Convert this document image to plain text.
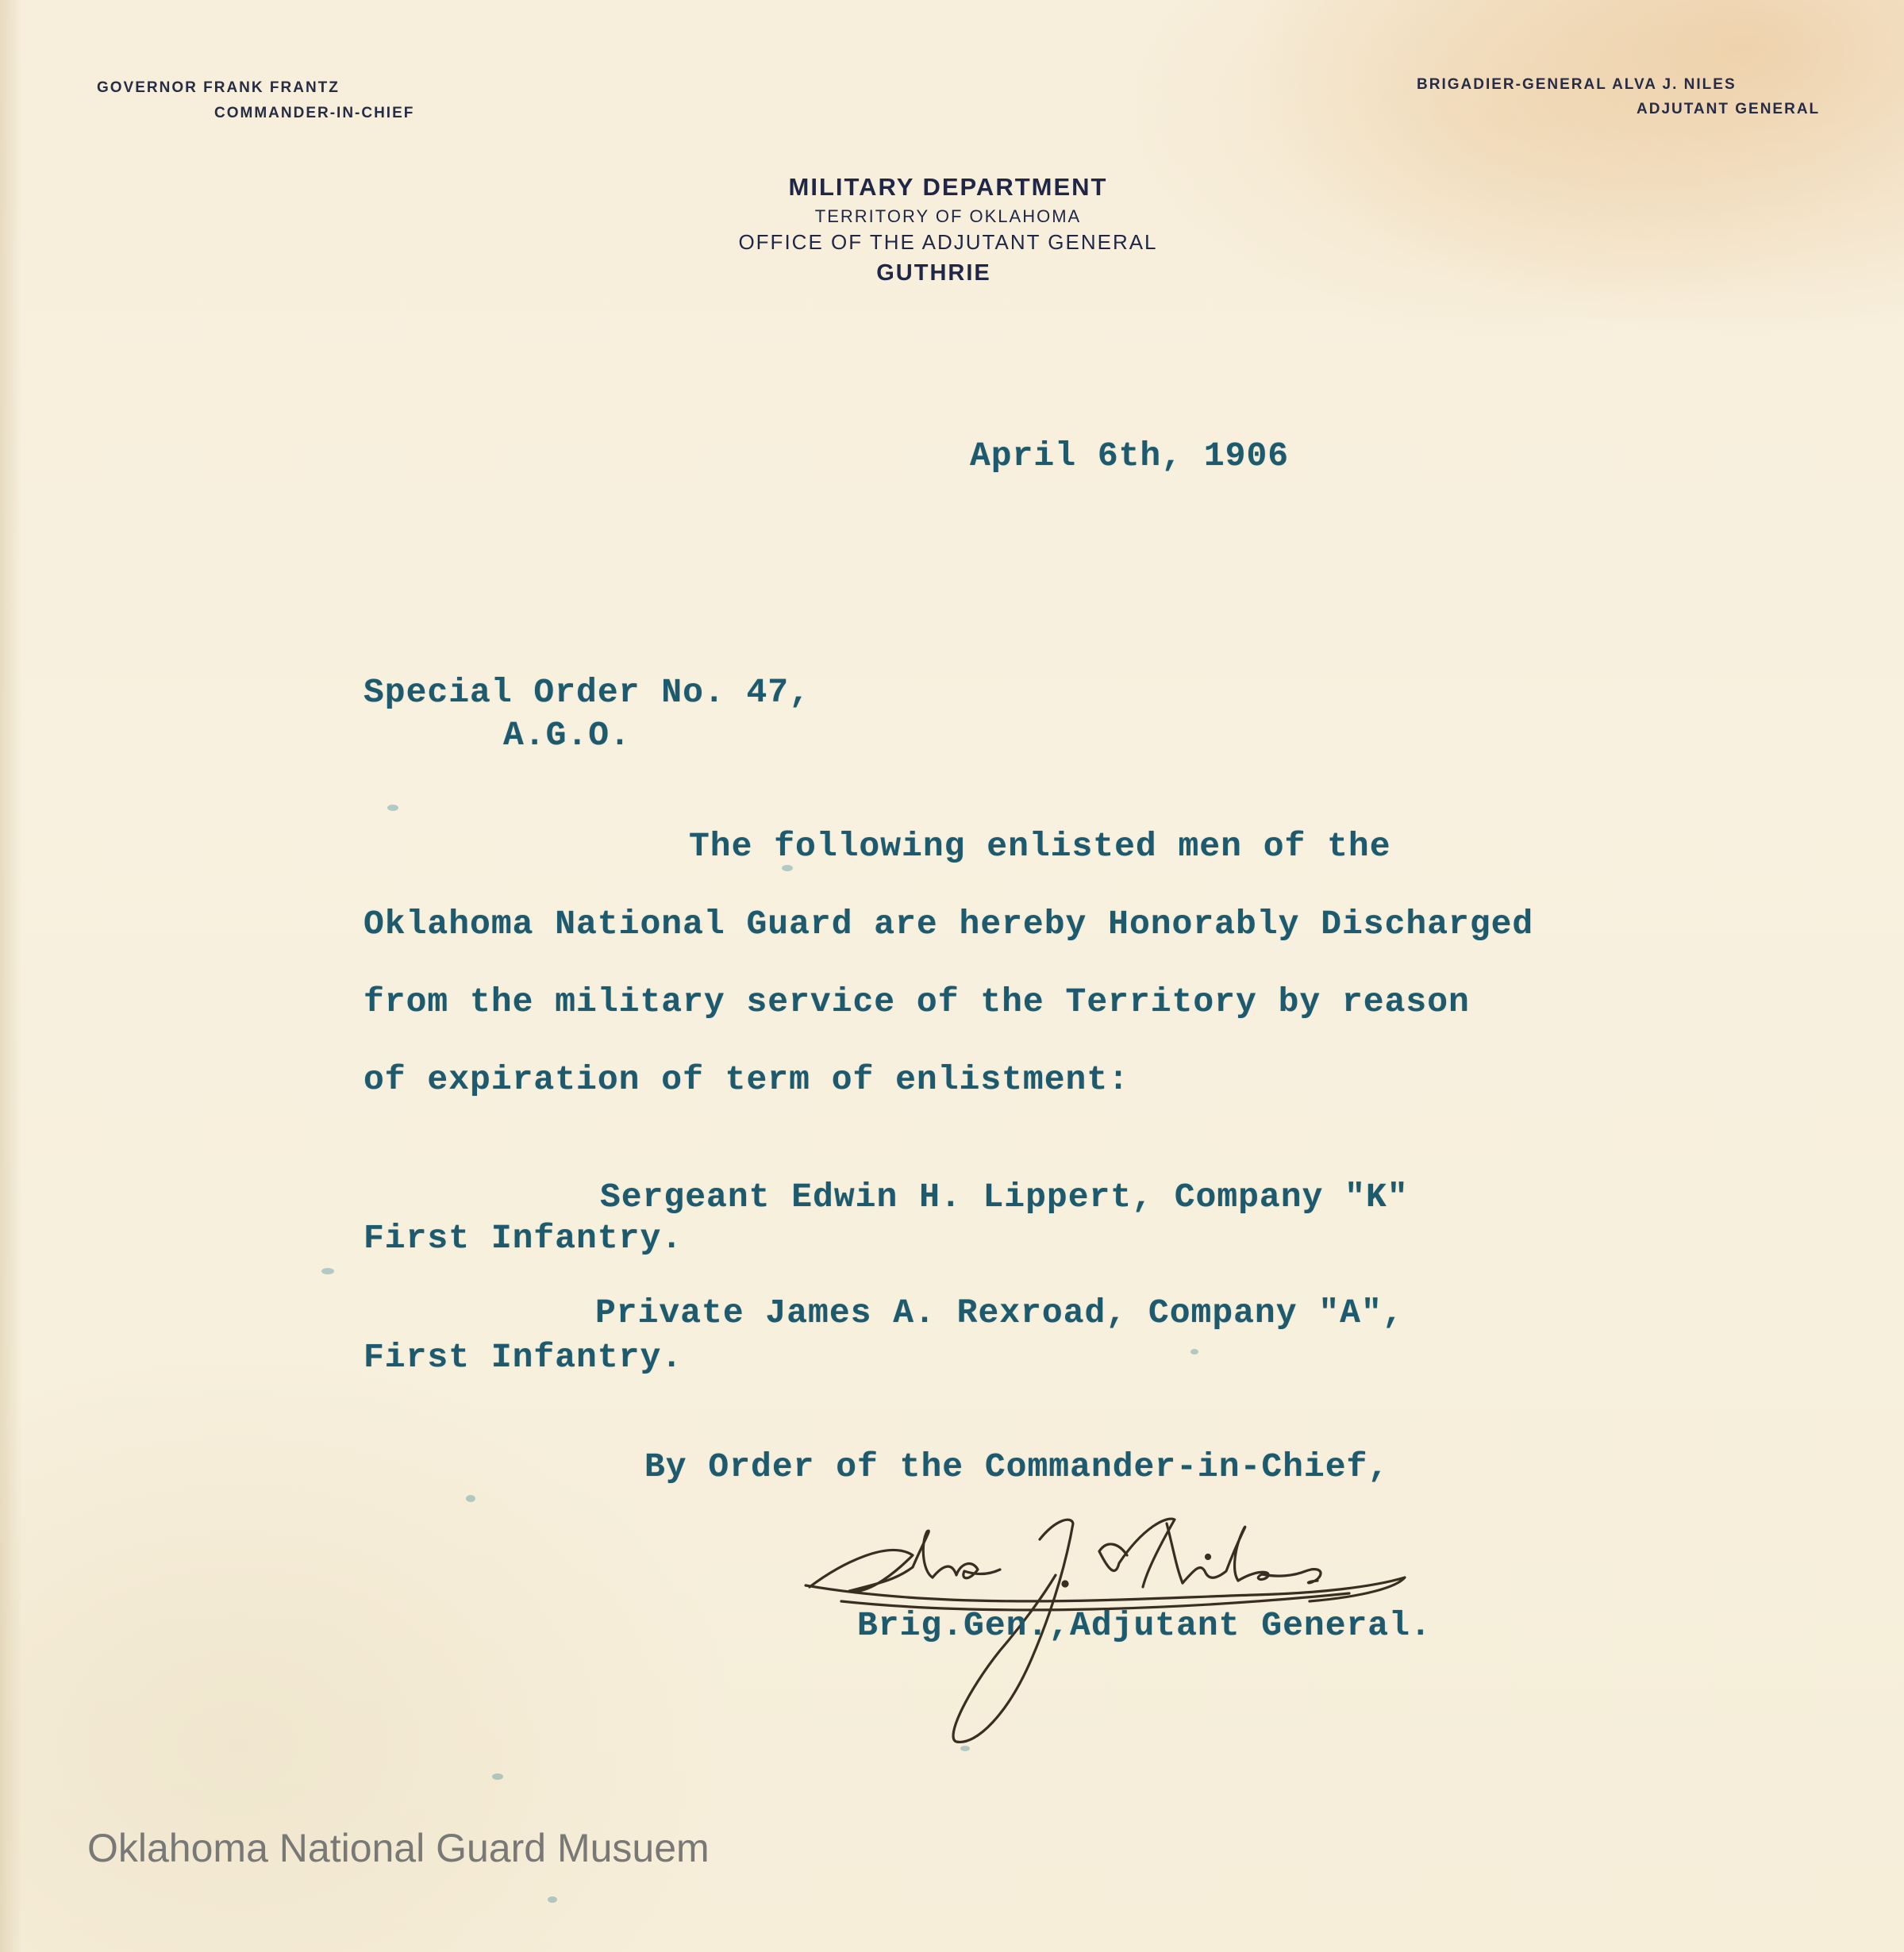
GOVERNOR FRANK FRANTZ
COMMANDER-IN-CHIEF
BRIGADIER-GENERAL ALVA J. NILES
ADJUTANT GENERAL
MILITARY DEPARTMENT
TERRITORY OF OKLAHOMA
OFFICE OF THE ADJUTANT GENERAL
GUTHRIE
April 6th, 1906
Special Order No. 47,
A.G.O.
The following enlisted men of the
Oklahoma National Guard are hereby Honorably Discharged
from the military service of the Territory by reason
of expiration of term of enlistment:
Sergeant Edwin H. Lippert, Company "K"
First Infantry.
Private James A. Rexroad, Company "A",
First Infantry.
By Order of the Commander-in-Chief,
Brig.Gen.,Adjutant General.
Oklahoma National Guard Musuem
